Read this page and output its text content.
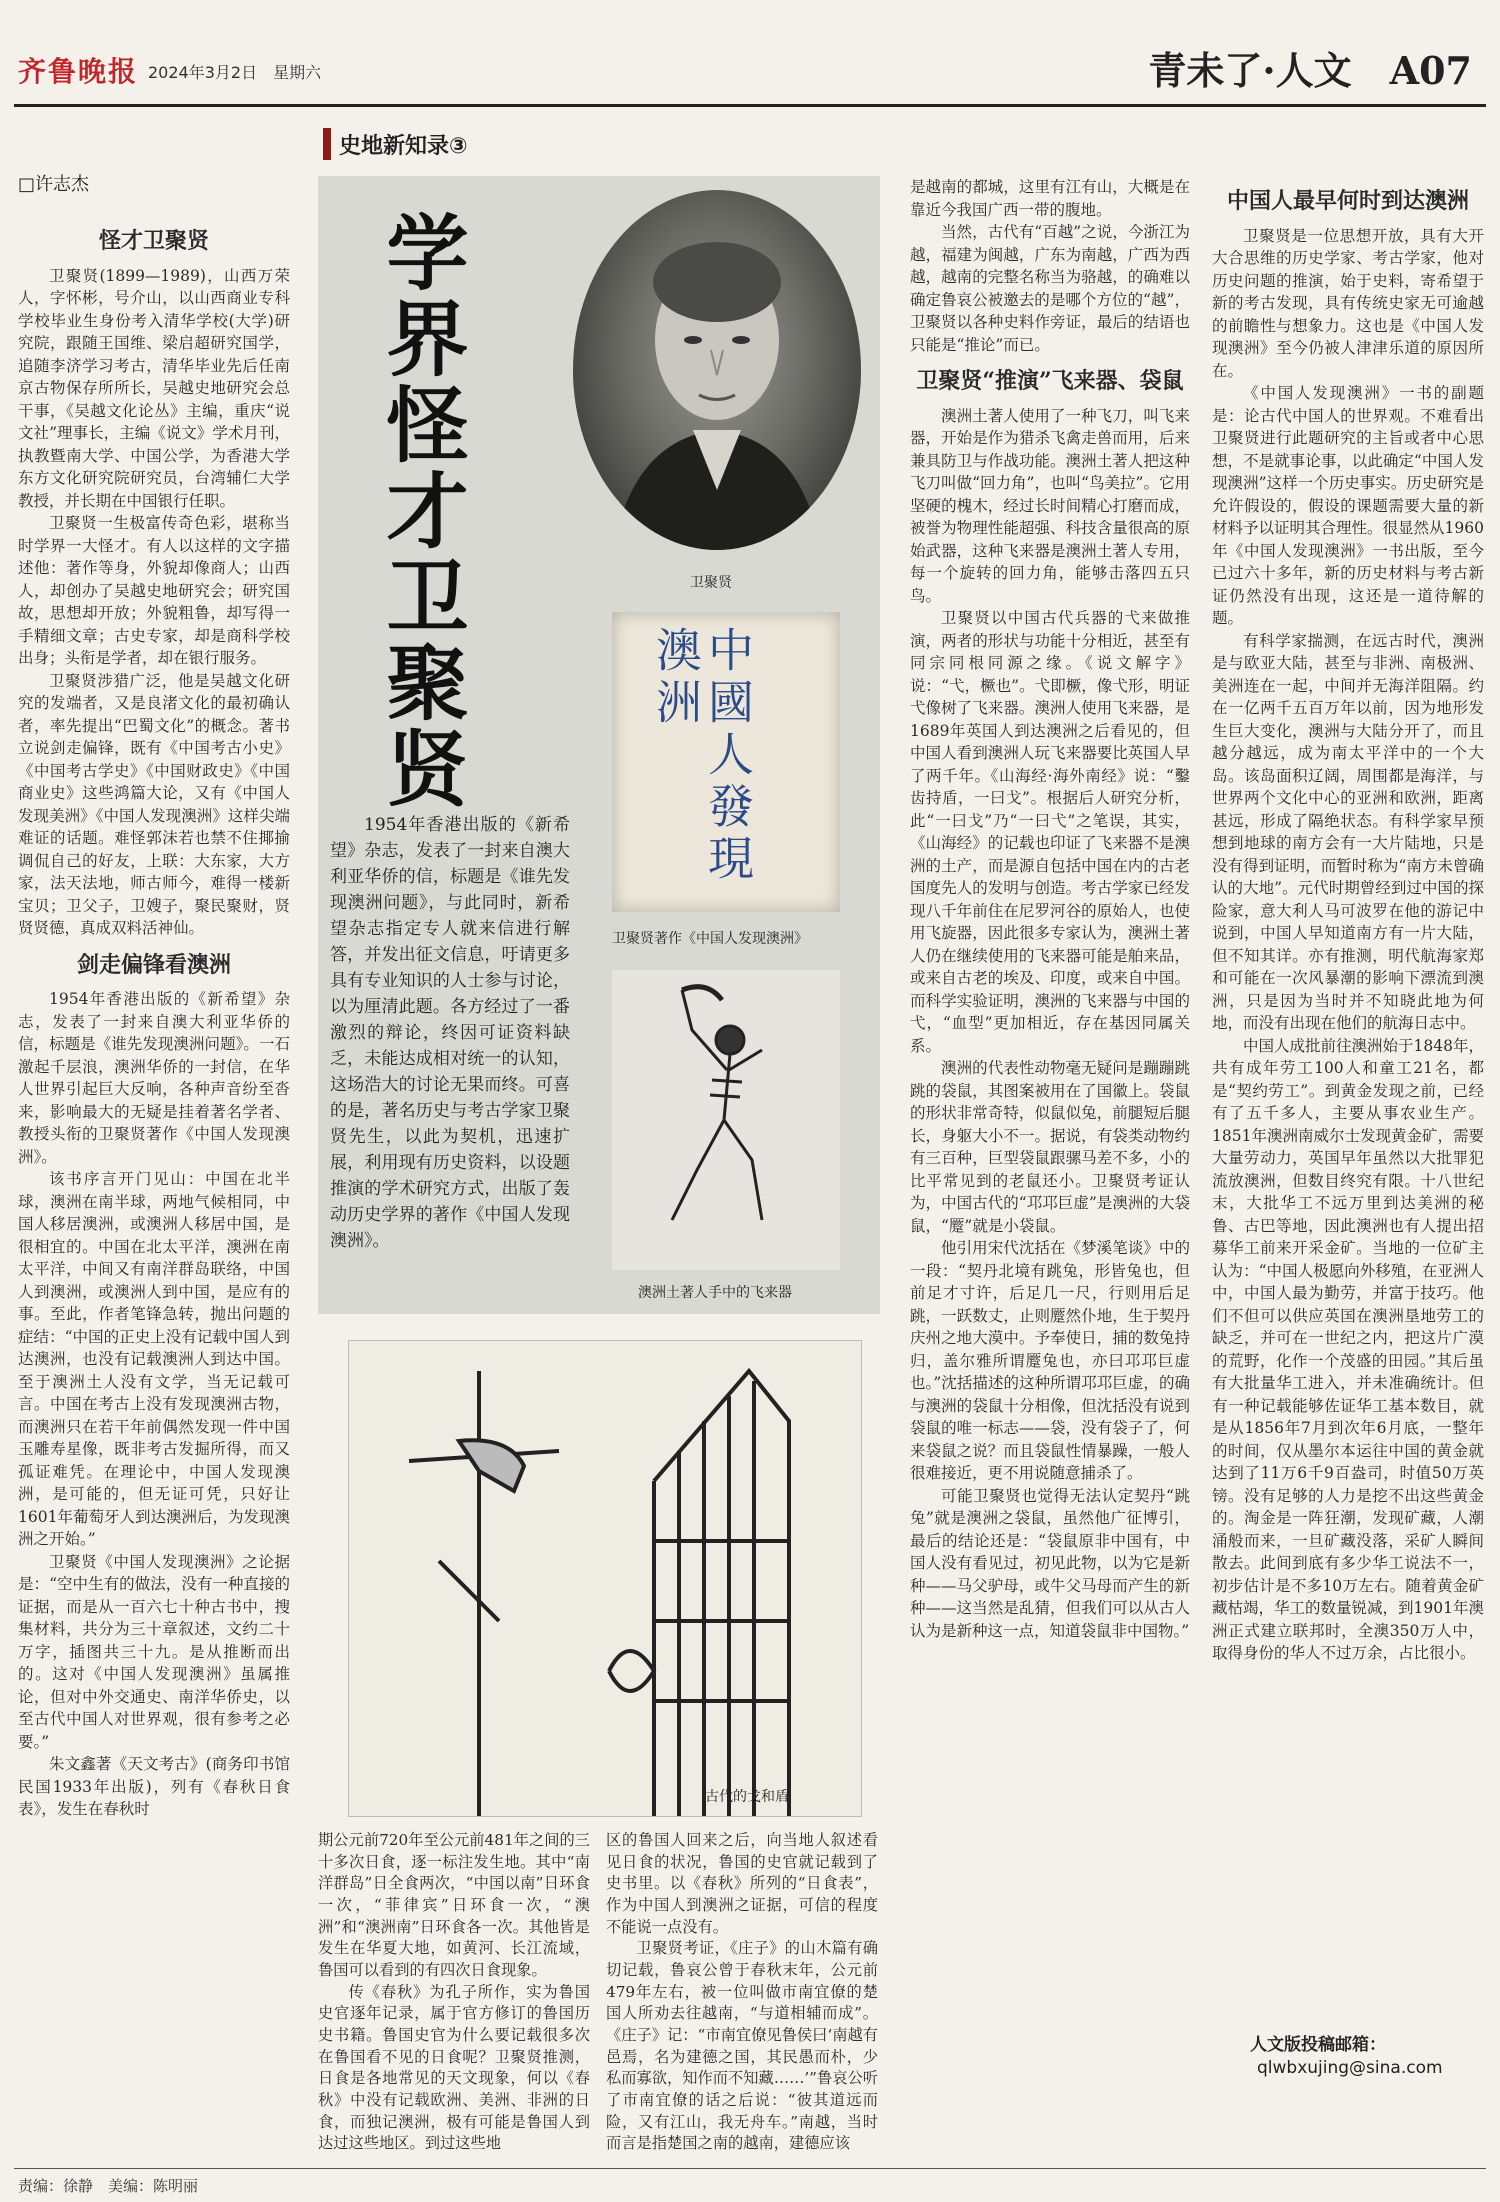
齐鲁晚报 2024年3月2日　星期六	青未了·人文　A07
史地新知录③
□许志杰
学界怪才卫聚贤

1954年香港出版的《新希望》杂志，发表了一封来自澳大利亚华侨的信，标题是《谁先发现澳洲问题》，与此同时，新希望杂志指定专人就来信进行解答，并发出征文信息，吁请更多具有专业知识的人士参与讨论，以为厘清此题。各方经过了一番激烈的辩论，终因可证资料缺乏，未能达成相对统一的认知，这场浩大的讨论无果而终。可喜的是，著名历史与考古学家卫聚贤先生，以此为契机，迅速扩展，利用现有历史资料，以设题推演的学术研究方式，出版了轰动历史学界的著作《中国人发现澳洲》。

卫聚贤
中國人發現澳洲
卫聚贤著作《中国人发现澳洲》
澳洲土著人手中的飞来器
古代的戈和盾
怪才卫聚贤

卫聚贤(1899—1989)，山西万荣人，字怀彬，号介山，以山西商业专科学校毕业生身份考入清华学校(大学)研究院，跟随王国维、梁启超研究国学，追随李济学习考古，清华毕业先后任南京古物保存所所长，吴越史地研究会总干事，《吴越文化论丛》主编，重庆“说文社”理事长，主编《说文》学术月刊，执教暨南大学、中国公学，为香港大学东方文化研究院研究员，台湾辅仁大学教授，并长期在中国银行任职。

卫聚贤一生极富传奇色彩，堪称当时学界一大怪才。有人以这样的文字描述他：著作等身，外貌却像商人；山西人，却创办了吴越史地研究会；研究国故，思想却开放；外貌粗鲁，却写得一手精细文章；古史专家，却是商科学校出身；头衔是学者，却在银行服务。

卫聚贤涉猎广泛，他是吴越文化研究的发端者，又是良渚文化的最初确认者，率先提出“巴蜀文化”的概念。著书立说剑走偏锋，既有《中国考古小史》《中国考古学史》《中国财政史》《中国商业史》这些鸿篇大论，又有《中国人发现美洲》《中国人发现澳洲》这样尖端难证的话题。难怪郭沫若也禁不住揶揄调侃自己的好友，上联：大东家，大方家，法天法地，师古师今，难得一楼新宝贝；卫父子，卫嫂子，聚民聚财，贤贤贤德，真成双料活神仙。

剑走偏锋看澳洲

1954年香港出版的《新希望》杂志，发表了一封来自澳大利亚华侨的信，标题是《谁先发现澳洲问题》。一石激起千层浪，澳洲华侨的一封信，在华人世界引起巨大反响，各种声音纷至沓来，影响最大的无疑是挂着著名学者、教授头衔的卫聚贤著作《中国人发现澳洲》。

该书序言开门见山：中国在北半球，澳洲在南半球，两地气候相同，中国人移居澳洲，或澳洲人移居中国，是很相宜的。中国在北太平洋，澳洲在南太平洋，中间又有南洋群岛联络，中国人到澳洲，或澳洲人到中国，是应有的事。至此，作者笔锋急转，抛出问题的症结：“中国的正史上没有记载中国人到达澳洲，也没有记载澳洲人到达中国。至于澳洲土人没有文学，当无记载可言。中国在考古上没有发现澳洲古物，而澳洲只在若干年前偶然发现一件中国玉雕寿星像，既非考古发掘所得，而又孤证难凭。在理论中，中国人发现澳洲，是可能的，但无证可凭，只好让1601年葡萄牙人到达澳洲后，为发现澳洲之开始。”

卫聚贤《中国人发现澳洲》之论据是：“空中生有的做法，没有一种直接的证据，而是从一百六七十种古书中，搜集材料，共分为三十章叙述，文约二十万字，插图共三十九。是从推断而出的。这对《中国人发现澳洲》虽属推论，但对中外交通史、南洋华侨史，以至古代中国人对世界观，很有参考之必要。”

朱文鑫著《天文考古》(商务印书馆民国1933年出版)，列有《春秋日食表》，发生在春秋时

期公元前720年至公元前481年之间的三十多次日食，逐一标注发生地。其中“南洋群岛”日全食两次，“中国以南”日环食一次，“菲律宾”日环食一次，“澳洲”和“澳洲南”日环食各一次。其他皆是发生在华夏大地，如黄河、长江流域，鲁国可以看到的有四次日食现象。

传《春秋》为孔子所作，实为鲁国史官逐年记录，属于官方修订的鲁国历史书籍。鲁国史官为什么要记载很多次在鲁国看不见的日食呢？卫聚贤推测，日食是各地常见的天文现象，何以《春秋》中没有记载欧洲、美洲、非洲的日食，而独记澳洲，极有可能是鲁国人到达过这些地区。到过这些地

区的鲁国人回来之后，向当地人叙述看见日食的状况，鲁国的史官就记载到了史书里。以《春秋》所列的“日食表”，作为中国人到澳洲之证据，可信的程度不能说一点没有。

卫聚贤考证，《庄子》的山木篇有确切记载，鲁哀公曾于春秋末年，公元前479年左右，被一位叫做市南宜僚的楚国人所劝去往越南，“与道相辅而成”。《庄子》记：“市南宜僚见鲁侯曰‘南越有邑焉，名为建德之国，其民愚而朴，少私而寡欲，知作而不知藏……’”鲁哀公听了市南宜僚的话之后说：“彼其道远而险，又有江山，我无舟车。”南越，当时而言是指楚国之南的越南，建德应该

是越南的都城，这里有江有山，大概是在靠近今我国广西一带的腹地。

当然，古代有“百越”之说，今浙江为越，福建为闽越，广东为南越，广西为西越，越南的完整名称当为骆越，的确难以确定鲁哀公被邀去的是哪个方位的“越”，卫聚贤以各种史料作旁证，最后的结语也只能是“推论”而已。

卫聚贤“推演”飞来器、袋鼠

澳洲土著人使用了一种飞刀，叫飞来器，开始是作为猎杀飞禽走兽而用，后来兼具防卫与作战功能。澳洲土著人把这种飞刀叫做“回力角”，也叫“鸟美拉”。它用坚硬的槐木，经过长时间精心打磨而成，被誉为物理性能超强、科技含量很高的原始武器，这种飞来器是澳洲土著人专用，每一个旋转的回力角，能够击落四五只鸟。

卫聚贤以中国古代兵器的弋来做推演，两者的形状与功能十分相近，甚至有同宗同根同源之缘。《说文解字》说：“弋，橛也”。弋即橛，像弋形，明证弋像树了飞来器。澳洲人使用飞来器，是1689年英国人到达澳洲之后看见的，但中国人看到澳洲人玩飞来器要比英国人早了两千年。《山海经·海外南经》说：“鑿齿持盾，一曰戈”。根据后人研究分析，此“一曰戈”乃“一曰弋”之笔误，其实，《山海经》的记载也印证了飞来器不是澳洲的土产，而是源自包括中国在内的古老国度先人的发明与创造。考古学家已经发现八千年前住在尼罗河谷的原始人，也使用飞旋器，因此很多专家认为，澳洲土著人仍在继续使用的飞来器可能是舶来品，或来自古老的埃及、印度，或来自中国。而科学实验证明，澳洲的飞来器与中国的弋，“血型”更加相近，存在基因同属关系。

澳洲的代表性动物毫无疑问是蹦蹦跳跳的袋鼠，其图案被用在了国徽上。袋鼠的形状非常奇特，似鼠似兔，前腿短后腿长，身躯大小不一。据说，有袋类动物约有三百种，巨型袋鼠跟骡马差不多，小的比平常见到的老鼠还小。卫聚贤考证认为，中国古代的“邛邛巨虚”是澳洲的大袋鼠，“蹷”就是小袋鼠。

他引用宋代沈括在《梦溪笔谈》中的一段：“契丹北境有跳兔，形皆兔也，但前足才寸许，后足几一尺，行则用后足跳，一跃数丈，止则蹷然仆地，生于契丹庆州之地大漠中。予奉使日，捕的数兔持归，盖尔雅所谓蹷兔也，亦曰邛邛巨虚也。”沈括描述的这种所谓邛邛巨虚，的确与澳洲的袋鼠十分相像，但沈括没有说到袋鼠的唯一标志——袋，没有袋子了，何来袋鼠之说？而且袋鼠性情暴躁，一般人很难接近，更不用说随意捕杀了。

可能卫聚贤也觉得无法认定契丹“跳兔”就是澳洲之袋鼠，虽然他广征博引，最后的结论还是：“袋鼠原非中国有，中国人没有看见过，初见此物，以为它是新种——马父驴母，或牛父马母而产生的新种——这当然是乱猜，但我们可以从古人认为是新种这一点，知道袋鼠非中国物。”

中国人最早何时到达澳洲

卫聚贤是一位思想开放，具有大开大合思维的历史学家、考古学家，他对历史问题的推演，始于史料，寄希望于新的考古发现，具有传统史家无可逾越的前瞻性与想象力。这也是《中国人发现澳洲》至今仍被人津津乐道的原因所在。

《中国人发现澳洲》一书的副题是：论古代中国人的世界观。不难看出卫聚贤进行此题研究的主旨或者中心思想，不是就事论事，以此确定“中国人发现澳洲”这样一个历史事实。历史研究是允许假设的，假设的课题需要大量的新材料予以证明其合理性。很显然从1960年《中国人发现澳洲》一书出版，至今已过六十多年，新的历史材料与考古新证仍然没有出现，这还是一道待解的题。

有科学家揣测，在远古时代，澳洲是与欧亚大陆，甚至与非洲、南极洲、美洲连在一起，中间并无海洋阻隔。约在一亿两千五百万年以前，因为地形发生巨大变化，澳洲与大陆分开了，而且越分越远，成为南太平洋中的一个大岛。该岛面积辽阔，周围都是海洋，与世界两个文化中心的亚洲和欧洲，距离甚远，形成了隔绝状态。有科学家早预想到地球的南方会有一大片陆地，只是没有得到证明，而暂时称为“南方未曾确认的大地”。元代时期曾经到过中国的探险家，意大利人马可波罗在他的游记中说到，中国人早知道南方有一片大陆，但不知其详。亦有推测，明代航海家郑和可能在一次风暴潮的影响下漂流到澳洲，只是因为当时并不知晓此地为何地，而没有出现在他们的航海日志中。

中国人成批前往澳洲始于1848年，共有成年劳工100人和童工21名，都是“契约劳工”。到黄金发现之前，已经有了五千多人，主要从事农业生产。1851年澳洲南威尔士发现黄金矿，需要大量劳动力，英国早年虽然以大批罪犯流放澳洲，但数目终究有限。十八世纪末，大批华工不远万里到达美洲的秘鲁、古巴等地，因此澳洲也有人提出招募华工前来开采金矿。当地的一位矿主认为：“中国人极愿向外移殖，在亚洲人中，中国人最为勤劳，并富于技巧。他们不但可以供应英国在澳洲垦地劳工的缺乏，并可在一世纪之内，把这片广漠的荒野，化作一个茂盛的田园。”其后虽有大批量华工进入，并未准确统计。但有一种记载能够佐证华工基本数目，就是从1856年7月到次年6月底，一整年的时间，仅从墨尔本运往中国的黄金就达到了11万6千9百盎司，时值50万英镑。没有足够的人力是挖不出这些黄金的。淘金是一阵狂潮，发现矿藏，人潮涌般而来，一旦矿藏没落，采矿人瞬间散去。此间到底有多少华工说法不一，初步估计是不多10万左右。随着黄金矿藏枯竭，华工的数量锐减，到1901年澳洲正式建立联邦时，全澳350万人中，取得身份的华人不过万余，占比很小。

人文版投稿邮箱：
qlwbxujing@sina.com
责编：徐静　美编：陈明丽
